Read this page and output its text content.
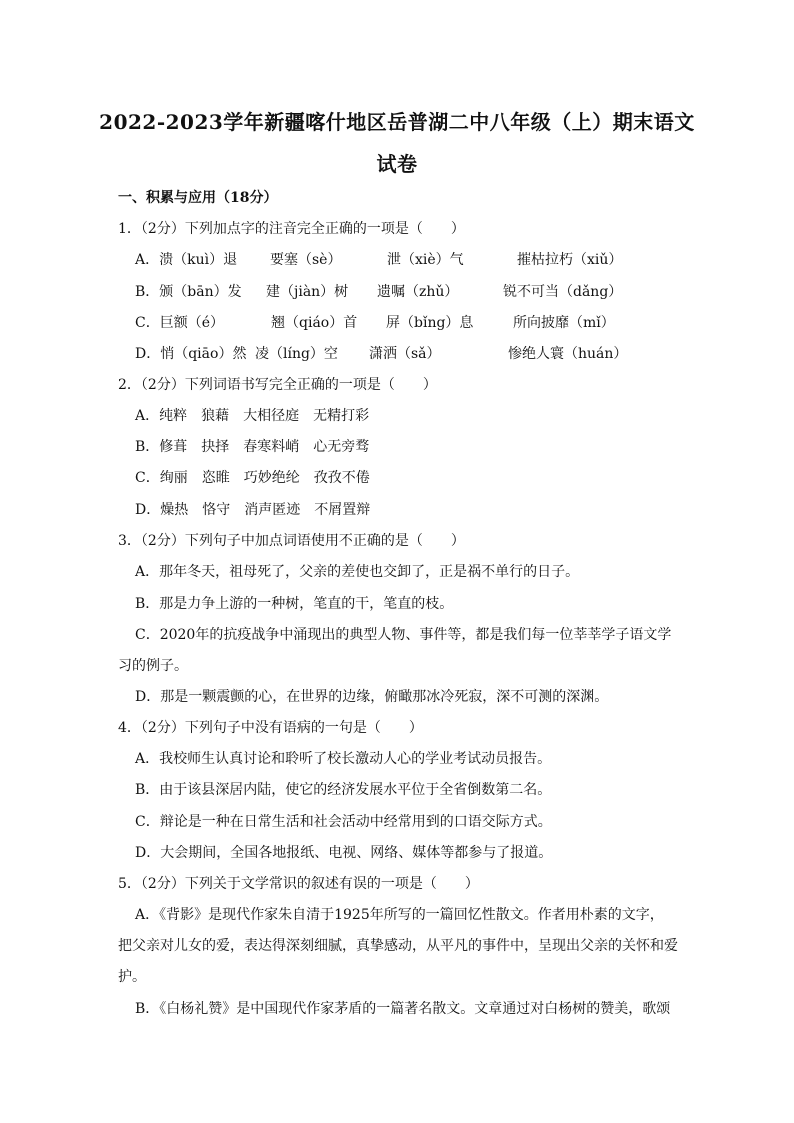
2022-2023学年新疆喀什地区岳普湖二中八年级（上）期末语文
试卷
一、积累与应用（18分）
1．（2分）下列加点字的注音完全正确的一项是（　　）
A．溃（kuì）退 要塞（sè）	泄（xiè）气	摧枯拉朽（xiǔ）
B．颁（bān）发 建（jiàn）树 遗嘱（zhǔ）	锐不可当（dǎng）
C．巨额（é）	翘（qiáo）首 屏（bǐng）息	所向披靡（mǐ）
D．悄（qiāo）然 凌（líng）空 潇洒（sǎ）	惨绝人寰（huán）
2．（2分）下列词语书写完全正确的一项是（　　）
A．纯粹　狼藉　大相径庭　无精打彩
B．修葺　抉择　春寒料峭　心无旁骛
C．绚丽　恣睢　巧妙绝纶　孜孜不倦
D．燥热　恪守　消声匿迹　不屑置辩
3．（2分）下列句子中加点词语使用不正确的是（　　）
A．那年冬天，祖母死了，父亲的差使也交卸了，正是祸不单行的日子。
B．那是力争上游的一种树，笔直的干，笔直的枝。
C．2020年的抗疫战争中涌现出的典型人物、事件等，都是我们每一位莘莘学子语文学
习的例子。
D．那是一颗震颤的心，在世界的边缘，俯瞰那冰冷死寂，深不可测的深渊。
4．（2分）下列句子中没有语病的一句是（　　）
A．我校师生认真讨论和聆听了校长激动人心的学业考试动员报告。
B．由于该县深居内陆，使它的经济发展水平位于全省倒数第二名。
C．辩论是一种在日常生活和社会活动中经常用到的口语交际方式。
D．大会期间，全国各地报纸、电视、网络、媒体等都参与了报道。
5．（2分）下列关于文学常识的叙述有误的一项是（　　）
A．《背影》是现代作家朱自清于1925年所写的一篇回忆性散文。作者用朴素的文字，
把父亲对儿女的爱，表达得深刻细腻，真挚感动，从平凡的事件中，呈现出父亲的关怀和爱
护。
B．《白杨礼赞》是中国现代作家茅盾的一篇著名散文。文章通过对白杨树的赞美，歌颂
